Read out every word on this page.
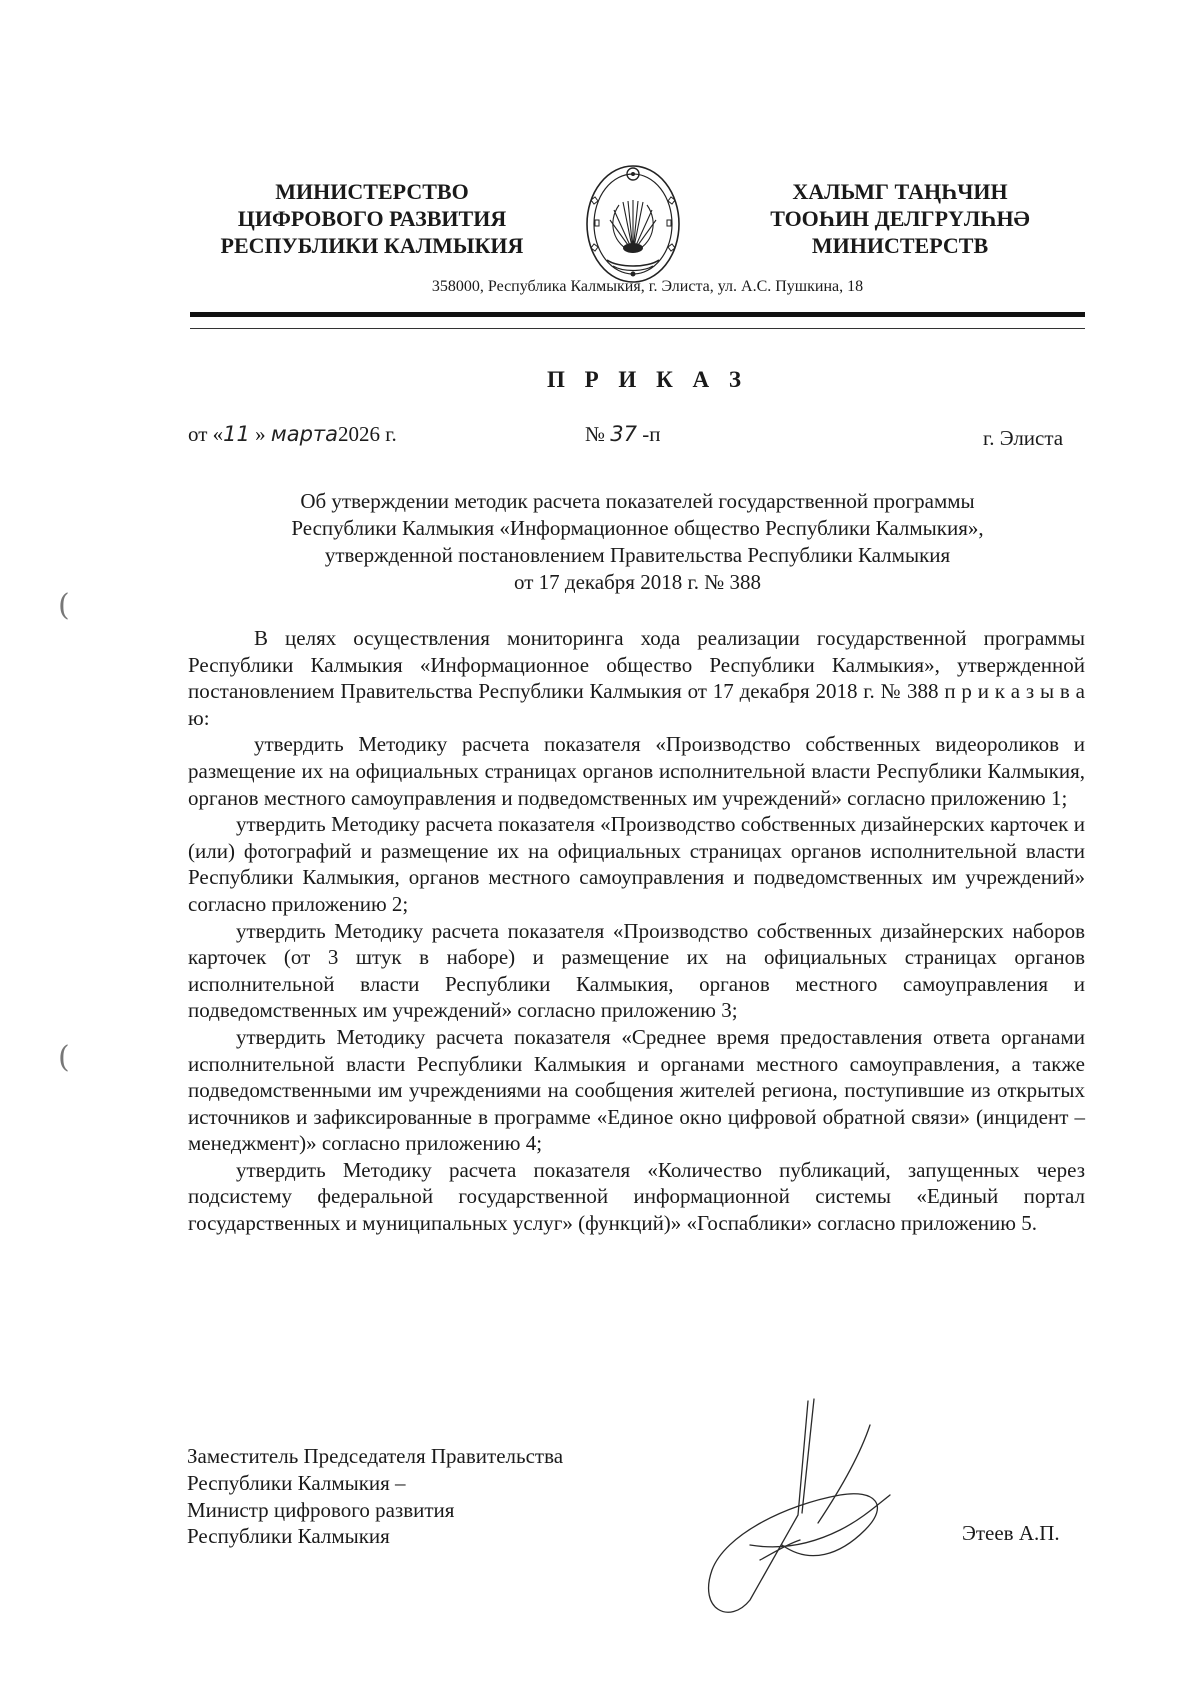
МИНИСТЕРСТВО
ЦИФРОВОГО РАЗВИТИЯ
РЕСПУБЛИКИ КАЛМЫКИЯ
ХАЛЬМГ ТАҢҺЧИН
ТООҺИН ДЕЛГРҮЛҺНӘ
МИНИСТЕРСТВ
358000, Республика Калмыкия, г. Элиста, ул. А.С. Пушкина, 18
П Р И К А З
от «11 » марта2026 г.	№ 37 -п	г. Элиста
Об утверждении методик расчета показателей государственной программы
Республики Калмыкия «Информационное общество Республики Калмыкия»,
утвержденной постановлением Правительства Республики Калмыкия
от 17 декабря 2018 г. № 388

В целях осуществления мониторинга хода реализации государственной программы Республики Калмыкия «Информационное общество Республики Калмыкия», утвержденной постановлением Правительства Республики Калмыкия от 17 декабря 2018 г. № 388 п р и к а з ы в а ю:

утвердить Методику расчета показателя «Производство собственных видеороликов и размещение их на официальных страницах органов исполнительной власти Республики Калмыкия, органов местного самоуправления и подведомственных им учреждений» согласно приложению 1;

утвердить Методику расчета показателя «Производство собственных дизайнерских карточек и (или) фотографий и размещение их на официальных страницах органов исполнительной власти Республики Калмыкия, органов местного самоуправления и подведомственных им учреждений» согласно приложению 2;

утвердить Методику расчета показателя «Производство собственных дизайнерских наборов карточек (от 3 штук в наборе) и размещение их на официальных страницах органов исполнительной власти Республики Калмыкия, органов местного самоуправления и подведомственных им учреждений» согласно приложению 3;

утвердить Методику расчета показателя «Среднее время предоставления ответа органами исполнительной власти Республики Калмыкия и органами местного самоуправления, а также подведомственными им учреждениями на сообщения жителей региона, поступившие из открытых источников и зафиксированные в программе «Единое окно цифровой обратной связи» (инцидент – менеджмент)» согласно приложению 4;

утвердить Методику расчета показателя «Количество публикаций, запущенных через подсистему федеральной государственной информационной системы «Единый портал государственных и муниципальных услуг» (функций)» «Госпаблики» согласно приложению 5.

Заместитель Председателя Правительства
Республики Калмыкия –
Министр цифрового развития
Республики Калмыкия	Этеев А.П.
(
(
